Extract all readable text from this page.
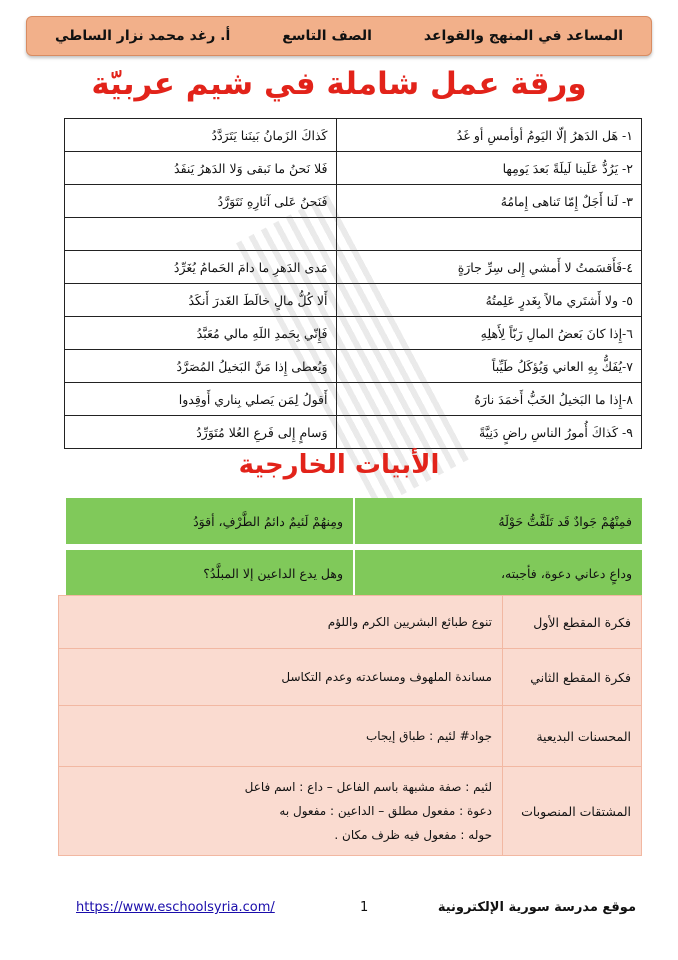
المساعد في المنهج والقواعد
الصف التاسع
أ. رغد محمد نزار الساطي
ورقة عمل شاملة في شيم عربيّة
١- هَل الدَهرُ إلّا اليَومُ أوأمسِ أو غَدُ	كَذاكَ الزَمانُ بَينَنا يَتَرَدَّدُ
٢- يَرُدُّ عَلَينا لَيلَةً بَعدَ يَومِها	فَلا نَحنُ ما نَبقى وَلا الدَهرُ يَنفَدُ
٣- لَنا أَجَلٌ إِمّا تَناهى إِمامُهُ	فَنَحنُ عَلى آثارِهِ نَتَوَرَّدُ

٤-فَأَقسَمتُ لا أَمشي إِلى سِرِّ جارَةٍ	مَدى الدَهرِ ما دامَ الحَمامُ يُغَرِّدُ
٥- ولا أَشتَري مالاً بِغَدرٍ عَلِمتُهُ	أَلا كُلُّ مالٍ خالَطَ الغَدرَ أَنكَدُ
٦-إِذا كانَ بَعضُ المالِ رَبّاً لِأَهلِهِ	فَإِنّي بِحَمدِ اللَهِ مالي مُعَبَّدُ
٧-يُفَكُّ بِهِ العاني وَيُؤكَلُ طَيِّباً	وَيُعطى إِذا مَنَّ البَخيلُ المُصَرَّدُ
٨-إِذا ما البَخيلُ الخَبُّ أَخمَدَ نارَهُ	أَقولُ لِمَن يَصلي بِناري أَوقِدوا
٩- كَذاكَ أُمورُ الناسِ راضٍ دَنِيَّةً	وَسامٍ إِلى فَرعِ العُلا مُتَوَرِّدُ
الأبيات الخارجية
فمِنْهُمْ جَوادٌ قَد تَلَفَّتُّ حَوْلَهُ	ومِنهُمْ لَئيمٌ دائمُ الطَّرْفِ، أقوَدُ
وداعٍ دعاني دعوة، فأجبته،	وهل يدع الداعين إلا المبلَّدُ؟
فكرة المقطع الأول	تنوع طبائع البشريين الكرم واللؤم

فكرة المقطع الثاني	مساندة الملهوف ومساعدته وعدم التكاسل

المحسنات البديعية	جواد# لئيم : طباق إيجاب

المشتقات المنصوبات	لئيم : صفة مشبهة باسم الفاعل – داع : اسم فاعل
دعوة : مفعول مطلق – الداعين : مفعول به
حوله : مفعول فيه ظرف مكان .
https://www.eschoolsyria.com/	1	موقع مدرسة سورية الإلكترونية
